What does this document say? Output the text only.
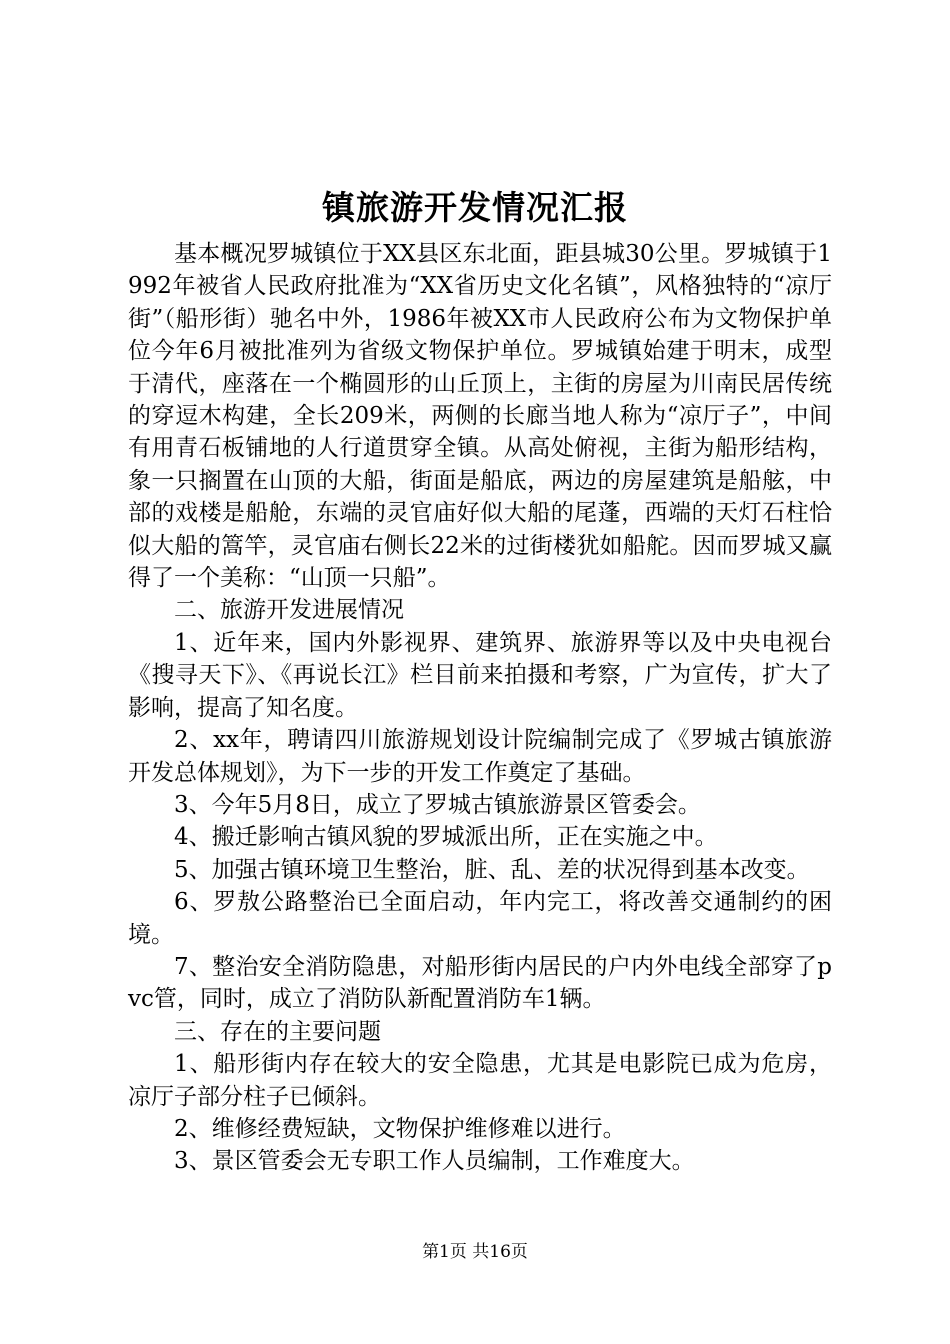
镇旅游开发情况汇报

基本概况罗城镇位于XX县区东北面，距县城30公里。罗城镇于1992年被省人民政府批准为“XX省历史文化名镇”，风格独特的“凉厅街”（船形街）驰名中外，1986年被XX市人民政府公布为文物保护单位今年6月被批准列为省级文物保护单位。罗城镇始建于明末，成型于清代，座落在一个椭圆形的山丘顶上，主街的房屋为川南民居传统的穿逗木构建，全长209米，两侧的长廊当地人称为“凉厅子”，中间有用青石板铺地的人行道贯穿全镇。从高处俯视，主街为船形结构，象一只搁置在山顶的大船，街面是船底，两边的房屋建筑是船舷，中部的戏楼是船舱，东端的灵官庙好似大船的尾蓬，西端的天灯石柱恰似大船的篙竿，灵官庙右侧长22米的过街楼犹如船舵。因而罗城又赢得了一个美称：“山顶一只船”。

二、旅游开发进展情况

1、近年来，国内外影视界、建筑界、旅游界等以及中央电视台《搜寻天下》、《再说长江》栏目前来拍摄和考察，广为宣传，扩大了影响，提高了知名度。

2、xx年，聘请四川旅游规划设计院编制完成了《罗城古镇旅游开发总体规划》，为下一步的开发工作奠定了基础。

3、今年5月8日，成立了罗城古镇旅游景区管委会。

4、搬迁影响古镇风貌的罗城派出所，正在实施之中。

5、加强古镇环境卫生整治，脏、乱、差的状况得到基本改变。

6、罗敖公路整治已全面启动，年内完工，将改善交通制约的困境。

7、整治安全消防隐患，对船形街内居民的户内外电线全部穿了pvc管，同时，成立了消防队新配置消防车1辆。

三、存在的主要问题

1、船形街内存在较大的安全隐患，尤其是电影院已成为危房，凉厅子部分柱子已倾斜。

2、维修经费短缺，文物保护维修难以进行。

3、景区管委会无专职工作人员编制，工作难度大。

第1页 共16页
